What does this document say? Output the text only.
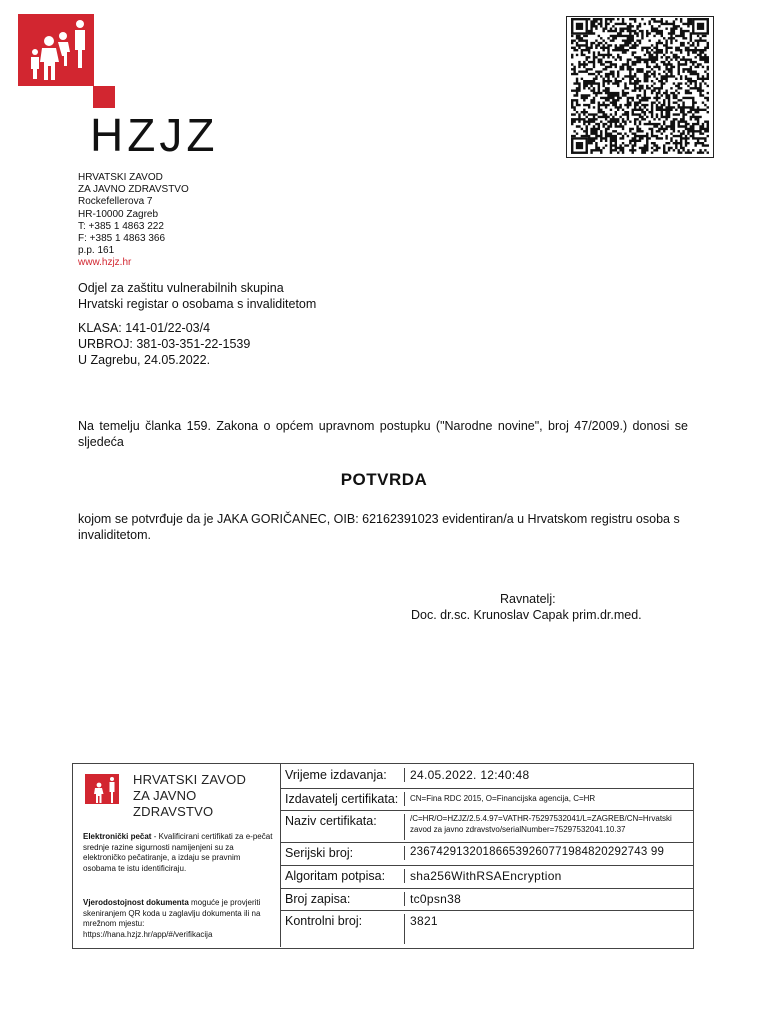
HZJZ
HRVATSKI ZAVOD
ZA JAVNO ZDRAVSTVO
Rockefellerova 7
HR-10000 Zagreb
T: +385 1 4863 222
F: +385 1 4863 366
p.p. 161
www.hzjz.hr
Odjel za zaštitu vulnerabilnih skupina
Hrvatski registar o osobama s invaliditetom
KLASA: 141-01/22-03/4
URBROJ: 381-03-351-22-1539
U Zagrebu, 24.05.2022.
Na temelju članka 159. Zakona o općem upravnom postupku ("Narodne novine", broj 47/2009.) donosi se sljedeća
POTVRDA
kojom se potvrđuje da je JAKA GORIČANEC, OIB: 62162391023 evidentiran/a u Hrvatskom registru osoba s invaliditetom.
Ravnatelj:
Doc. dr.sc. Krunoslav Capak prim.dr.med.
HRVATSKI ZAVOD
ZA JAVNO ZDRAVSTVO
Elektronički pečat - Kvalificirani certifikati za e-pečat srednje razine sigurnosti namijenjeni su za elektroničko pečatiranje, a izdaju se pravnim osobama te istu identificiraju.
Vjerodostojnost dokumenta moguće je provjeriti skeniranjem QR koda u zaglavlju dokumenta ili na mrežnom mjestu: https://hana.hzjz.hr/app/#/verifikacija
Vrijeme izdavanja:	24.05.2022. 12:40:48
Izdavatelj certifikata:	CN=Fina RDC 2015, O=Financijska agencija, C=HR
Naziv certifikata:	/C=HR/O=HZJZ/2.5.4.97=VATHR-75297532041/L=ZAGREB/CN=Hrvatski zavod za javno zdravstvo/serialNumber=75297532041.10.37
Serijski broj:	236742913201866539260771984820292743 99
Algoritam potpisa:	sha256WithRSAEncryption
Broj zapisa:	tc0psn38
Kontrolni broj:	3821
